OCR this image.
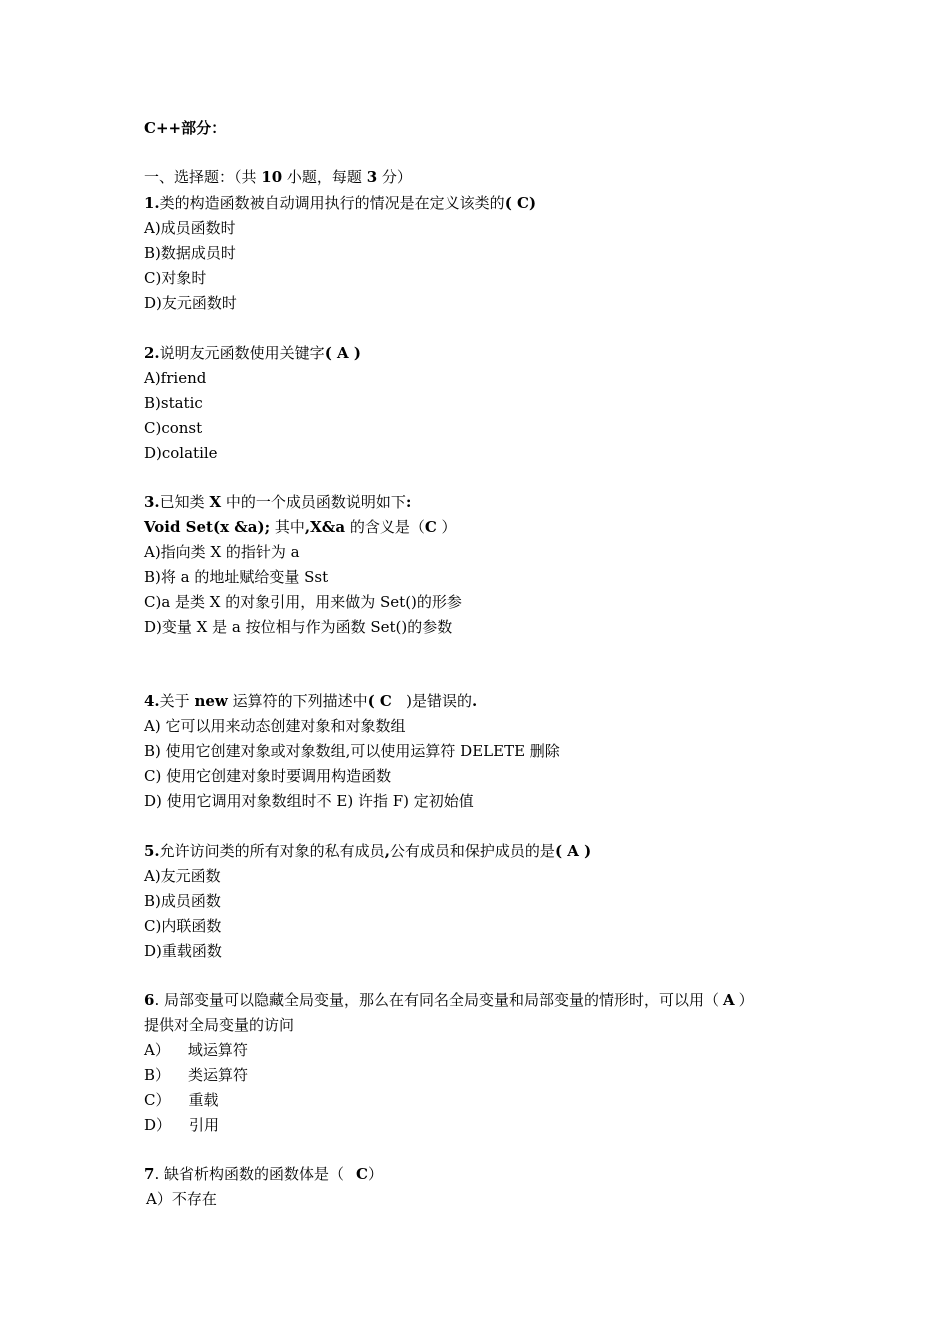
C++部分：
一、选择题：（共 10 小题，每题 3 分）
1.类的构造函数被自动调用执行的情况是在定义该类的( C)
A)成员函数时
B)数据成员时
C)对象时
D)友元函数时
2.说明友元函数使用关键字( A )
A)friend
B)static
C)const
D)colatile
3.已知类 X 中的一个成员函数说明如下:
Void Set(x &a); 其中,X&a 的含义是（C ）
A)指向类 X 的指针为 a
B)将 a 的地址赋给变量 Sst
C)a 是类 X 的对象引用，用来做为 Set()的形参
D)变量 X 是 a 按位相与作为函数 Set()的参数
4.关于 new 运算符的下列描述中( C   )是错误的.
A) 它可以用来动态创建对象和对象数组
B) 使用它创建对象或对象数组,可以使用运算符 DELETE 删除
C) 使用它创建对象时要调用构造函数
D) 使用它调用对象数组时不 E) 许指 F) 定初始值
5.允许访问类的所有对象的私有成员,公有成员和保护成员的是( A )
A)友元函数
B)成员函数
C)内联函数
D)重载函数
6. 局部变量可以隐藏全局变量，那么在有同名全局变量和局部变量的情形时，可以用（ A ）
提供对全局变量的访问
A） 域运算符
B） 类运算符
C） 重载
D） 引用
7. 缺省析构函数的函数体是（ C）
A）不存在
